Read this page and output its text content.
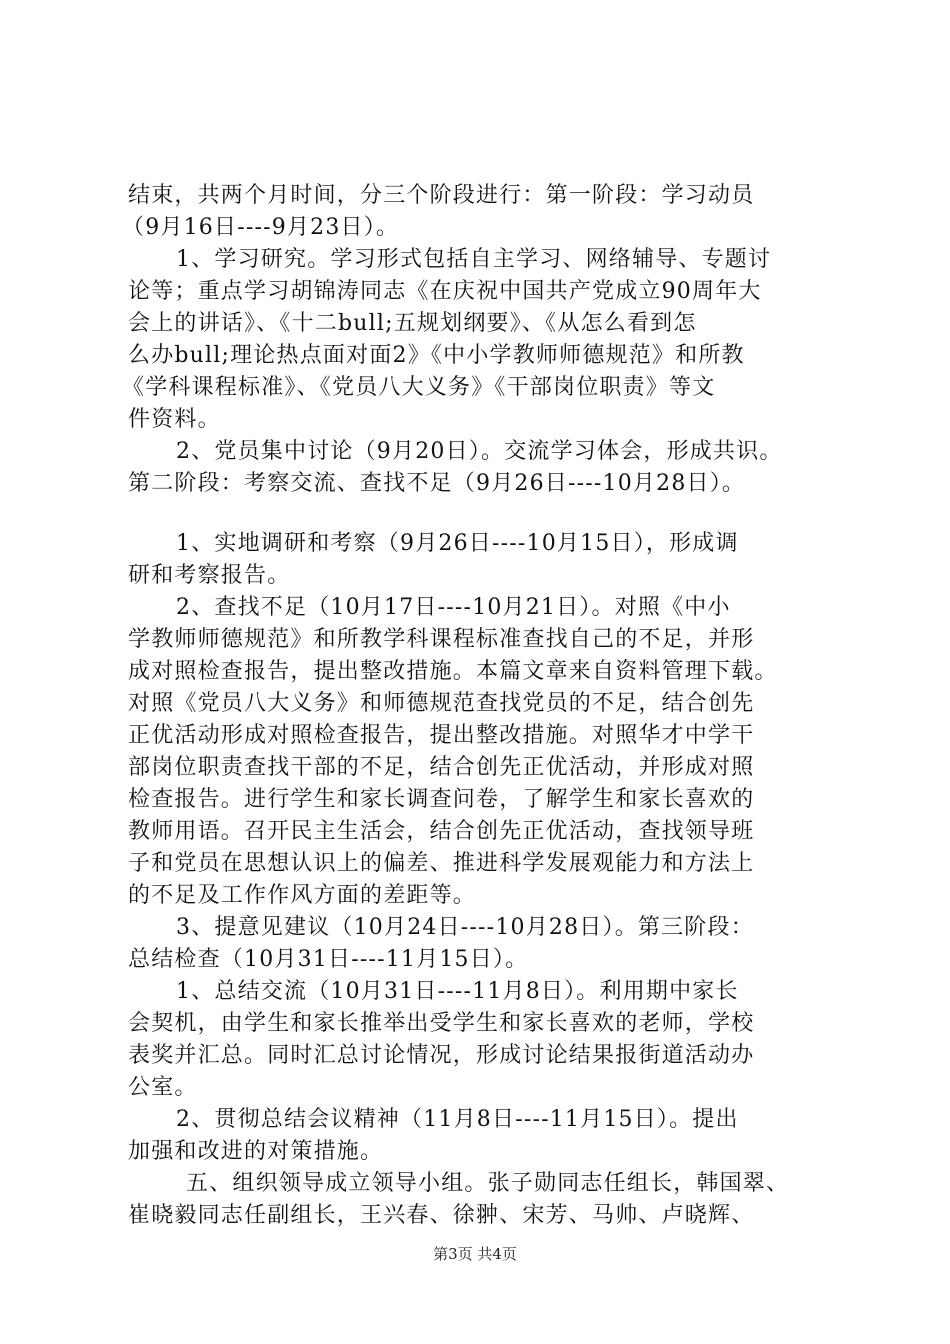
结束，共两个月时间，分三个阶段进行：第一阶段：学习动员
（9月16日----9月23日）。
1、学习研究。学习形式包括自主学习、网络辅导、专题讨
论等；重点学习胡锦涛同志《在庆祝中国共产党成立90周年大
会上的讲话》、《十二bull;五规划纲要》、《从怎么看到怎
么办bull;理论热点面对面2》《中小学教师师德规范》和所教
《学科课程标准》、《党员八大义务》《干部岗位职责》等文
件资料。
2、党员集中讨论（9月20日）。交流学习体会，形成共识。
第二阶段：考察交流、查找不足（9月26日----10月28日）。
1、实地调研和考察（9月26日----10月15日），形成调
研和考察报告。
2、查找不足（10月17日----10月21日）。对照《中小
学教师师德规范》和所教学科课程标准查找自己的不足，并形
成对照检查报告，提出整改措施。本篇文章来自资料管理下载。
对照《党员八大义务》和师德规范查找党员的不足，结合创先
正优活动形成对照检查报告，提出整改措施。对照华才中学干
部岗位职责查找干部的不足，结合创先正优活动，并形成对照
检查报告。进行学生和家长调查问卷，了解学生和家长喜欢的
教师用语。召开民主生活会，结合创先正优活动，查找领导班
子和党员在思想认识上的偏差、推进科学发展观能力和方法上
的不足及工作作风方面的差距等。
3、提意见建议（10月24日----10月28日）。第三阶段：
总结检查（10月31日----11月15日）。
1、总结交流（10月31日----11月8日）。利用期中家长
会契机，由学生和家长推举出受学生和家长喜欢的老师，学校
表奖并汇总。同时汇总讨论情况，形成讨论结果报街道活动办
公室。
2、贯彻总结会议精神（11月8日----11月15日）。提出
加强和改进的对策措施。
五、组织领导成立领导小组。张子勋同志任组长，韩国翠、
崔晓毅同志任副组长，王兴春、徐翀、宋芳、马帅、卢晓辉、
第3页 共4页
